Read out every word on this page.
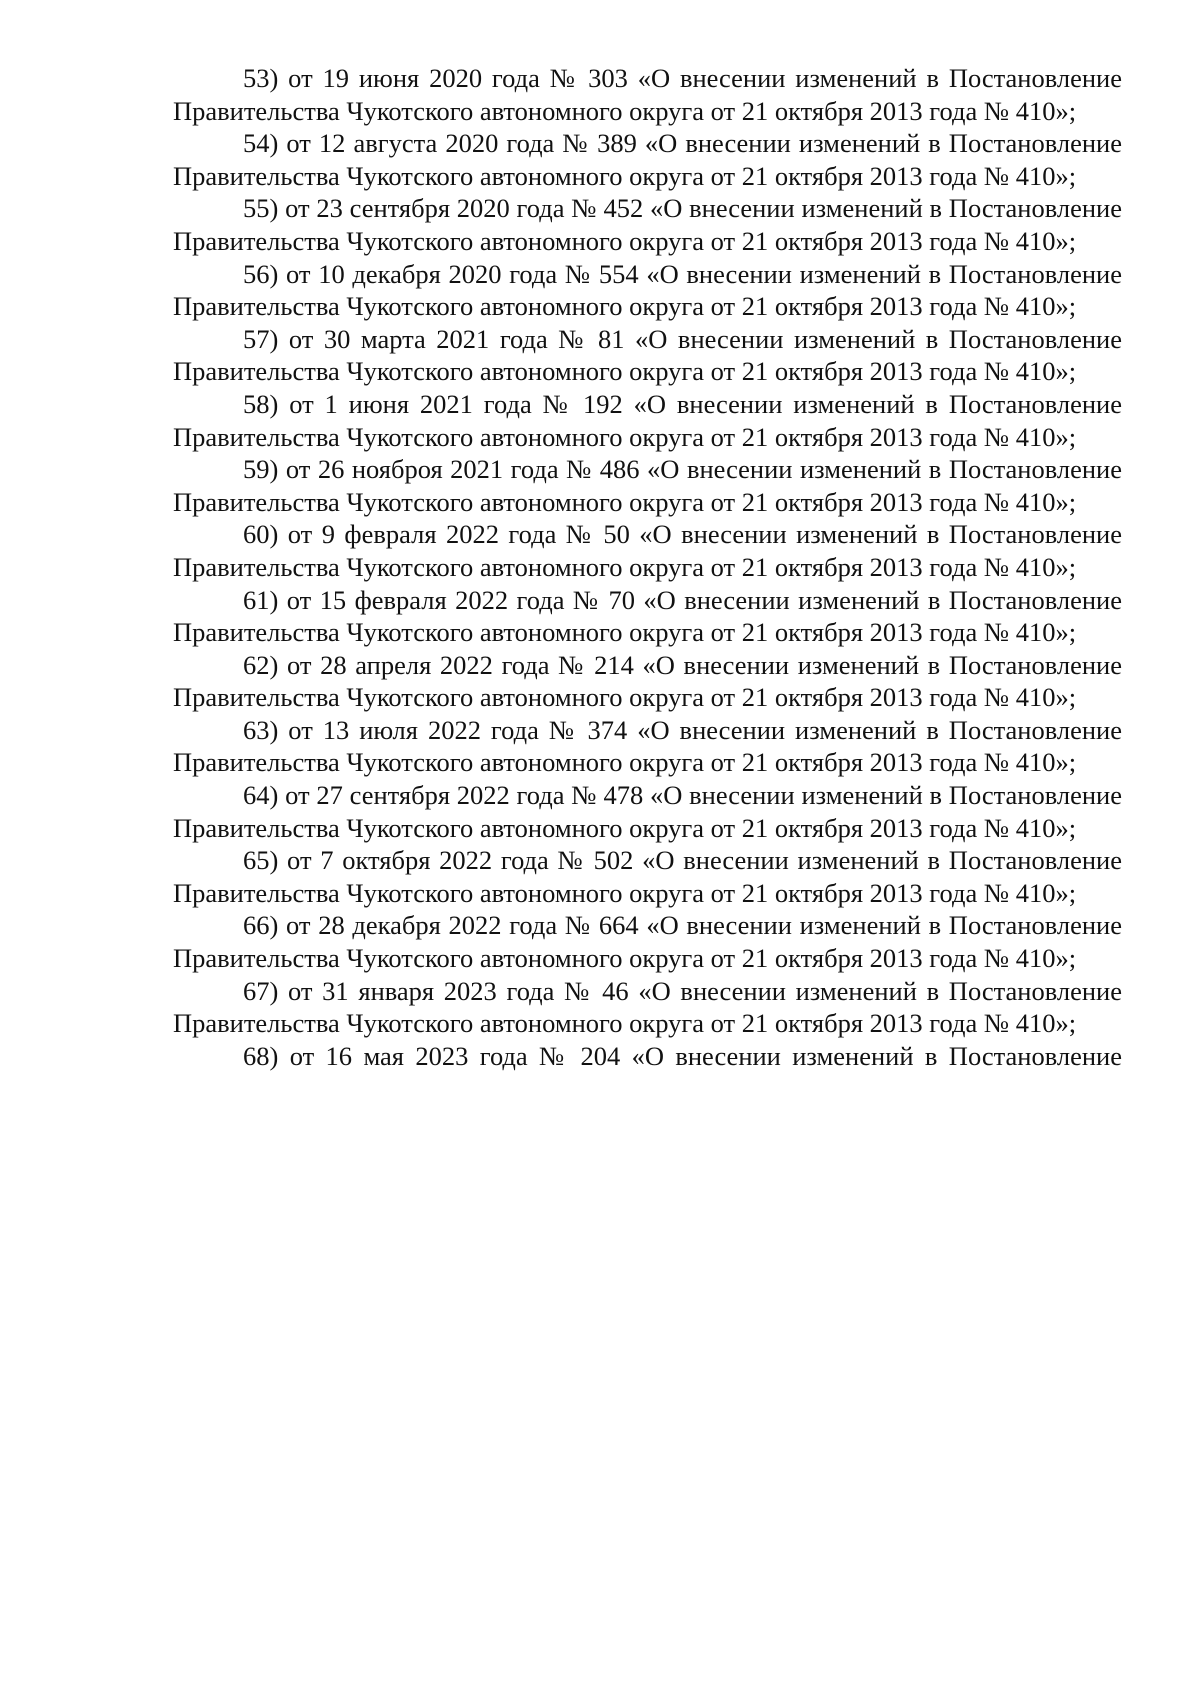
53) от 19 июня 2020 года № 303 «О внесении изменений в Постановление Правительства Чукотского автономного округа от 21 октября 2013 года № 410»;

54) от 12 августа 2020 года № 389 «О внесении изменений в Постановление Правительства Чукотского автономного округа от 21 октября 2013 года № 410»;

55) от 23 сентября 2020 года № 452 «О внесении изменений в Постановление Правительства Чукотского автономного округа от 21 октября 2013 года № 410»;

56) от 10 декабря 2020 года № 554 «О внесении изменений в Постановление Правительства Чукотского автономного округа от 21 октября 2013 года № 410»;

57) от 30 марта 2021 года № 81 «О внесении изменений в Постановление Правительства Чукотского автономного округа от 21 октября 2013 года № 410»;

58) от 1 июня 2021 года № 192 «О внесении изменений в Постановление Правительства Чукотского автономного округа от 21 октября 2013 года № 410»;

59) от 26 нояброя 2021 года № 486 «О внесении изменений в Постановление Правительства Чукотского автономного округа от 21 октября 2013 года № 410»;

60) от 9 февраля 2022 года № 50 «О внесении изменений в Постановление Правительства Чукотского автономного округа от 21 октября 2013 года № 410»;

61) от 15 февраля 2022 года № 70 «О внесении изменений в Постановление Правительства Чукотского автономного округа от 21 октября 2013 года № 410»;

62) от 28 апреля 2022 года № 214 «О внесении изменений в Постановление Правительства Чукотского автономного округа от 21 октября 2013 года № 410»;

63) от 13 июля 2022 года № 374 «О внесении изменений в Постановление Правительства Чукотского автономного округа от 21 октября 2013 года № 410»;

64) от 27 сентября 2022 года № 478 «О внесении изменений в Постановление Правительства Чукотского автономного округа от 21 октября 2013 года № 410»;

65) от 7 октября 2022 года № 502 «О внесении изменений в Постановление Правительства Чукотского автономного округа от 21 октября 2013 года № 410»;

66) от 28 декабря 2022 года № 664 «О внесении изменений в Постановление Правительства Чукотского автономного округа от 21 октября 2013 года № 410»;

67) от 31 января 2023 года № 46 «О внесении изменений в Постановление Правительства Чукотского автономного округа от 21 октября 2013 года № 410»;

68) от 16 мая 2023 года № 204 «О внесении изменений в Постановление
